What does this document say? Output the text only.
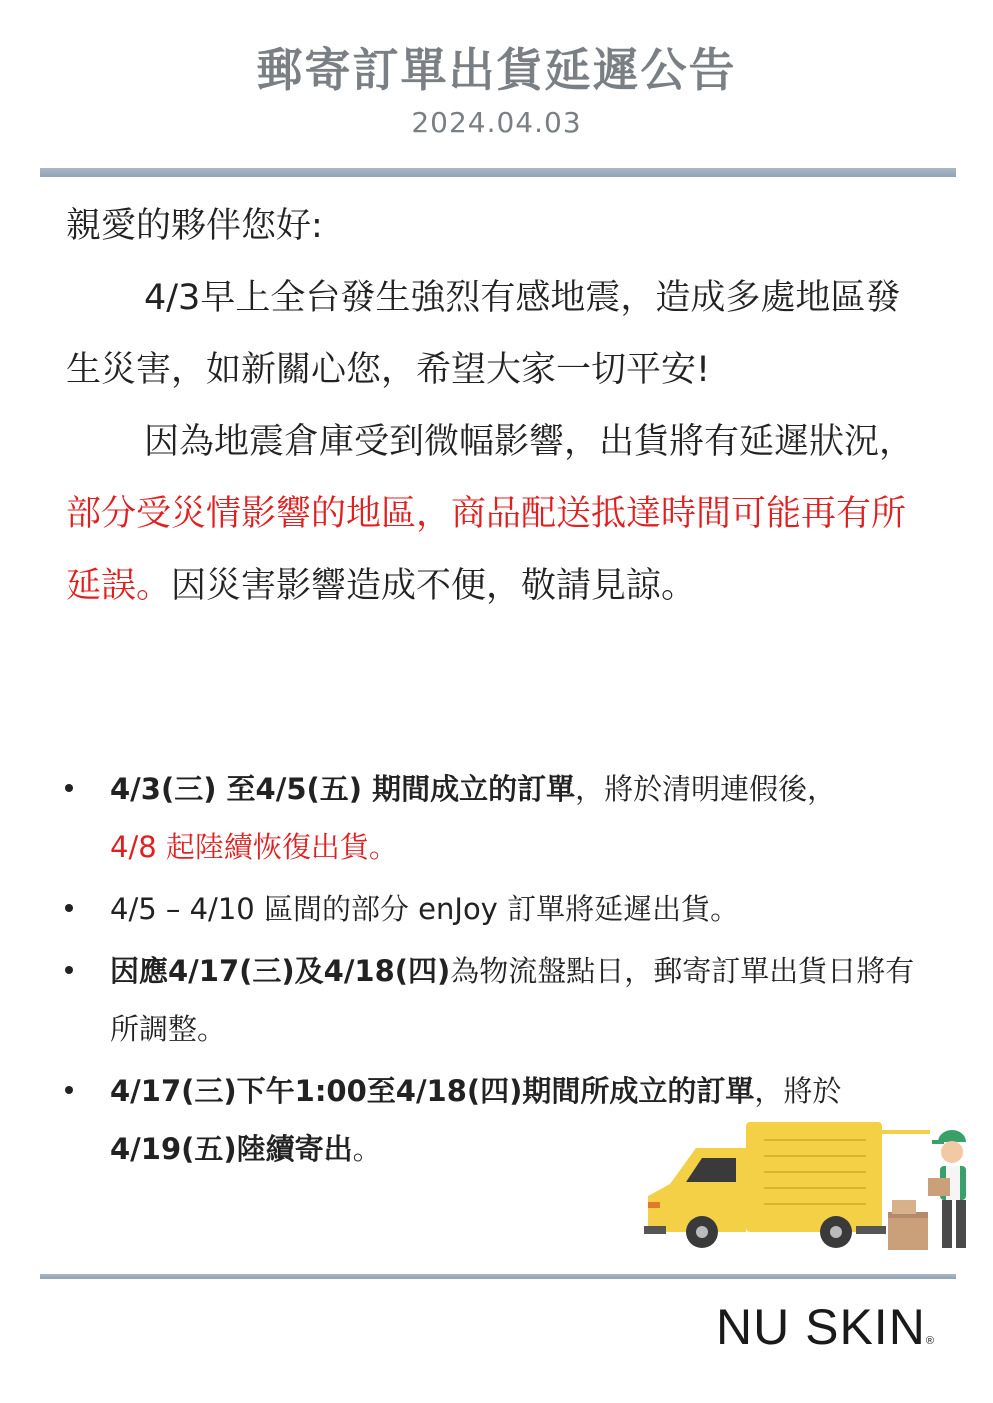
郵寄訂單出貨延遲公告
2024.04.03

親愛的夥伴您好:

4/3早上全台發生強烈有感地震，造成多處地區發生災害，如新關心您，希望大家一切平安!

因為地震倉庫受到微幅影響，出貨將有延遲狀況，部分受災情影響的地區，商品配送抵達時間可能再有所延誤。因災害影響造成不便，敬請見諒。

4/3(三) 至4/5(五) 期間成立的訂單，將於清明連假後，
4/8 起陸續恢復出貨。
4/5 – 4/10 區間的部分 enJoy 訂單將延遲出貨。
因應4/17(三)及4/18(四)為物流盤點日，郵寄訂單出貨日將有所調整。
4/17(三)下午1:00至4/18(四)期間所成立的訂單，將於
4/19(五)陸續寄出。
NU SKIN®
